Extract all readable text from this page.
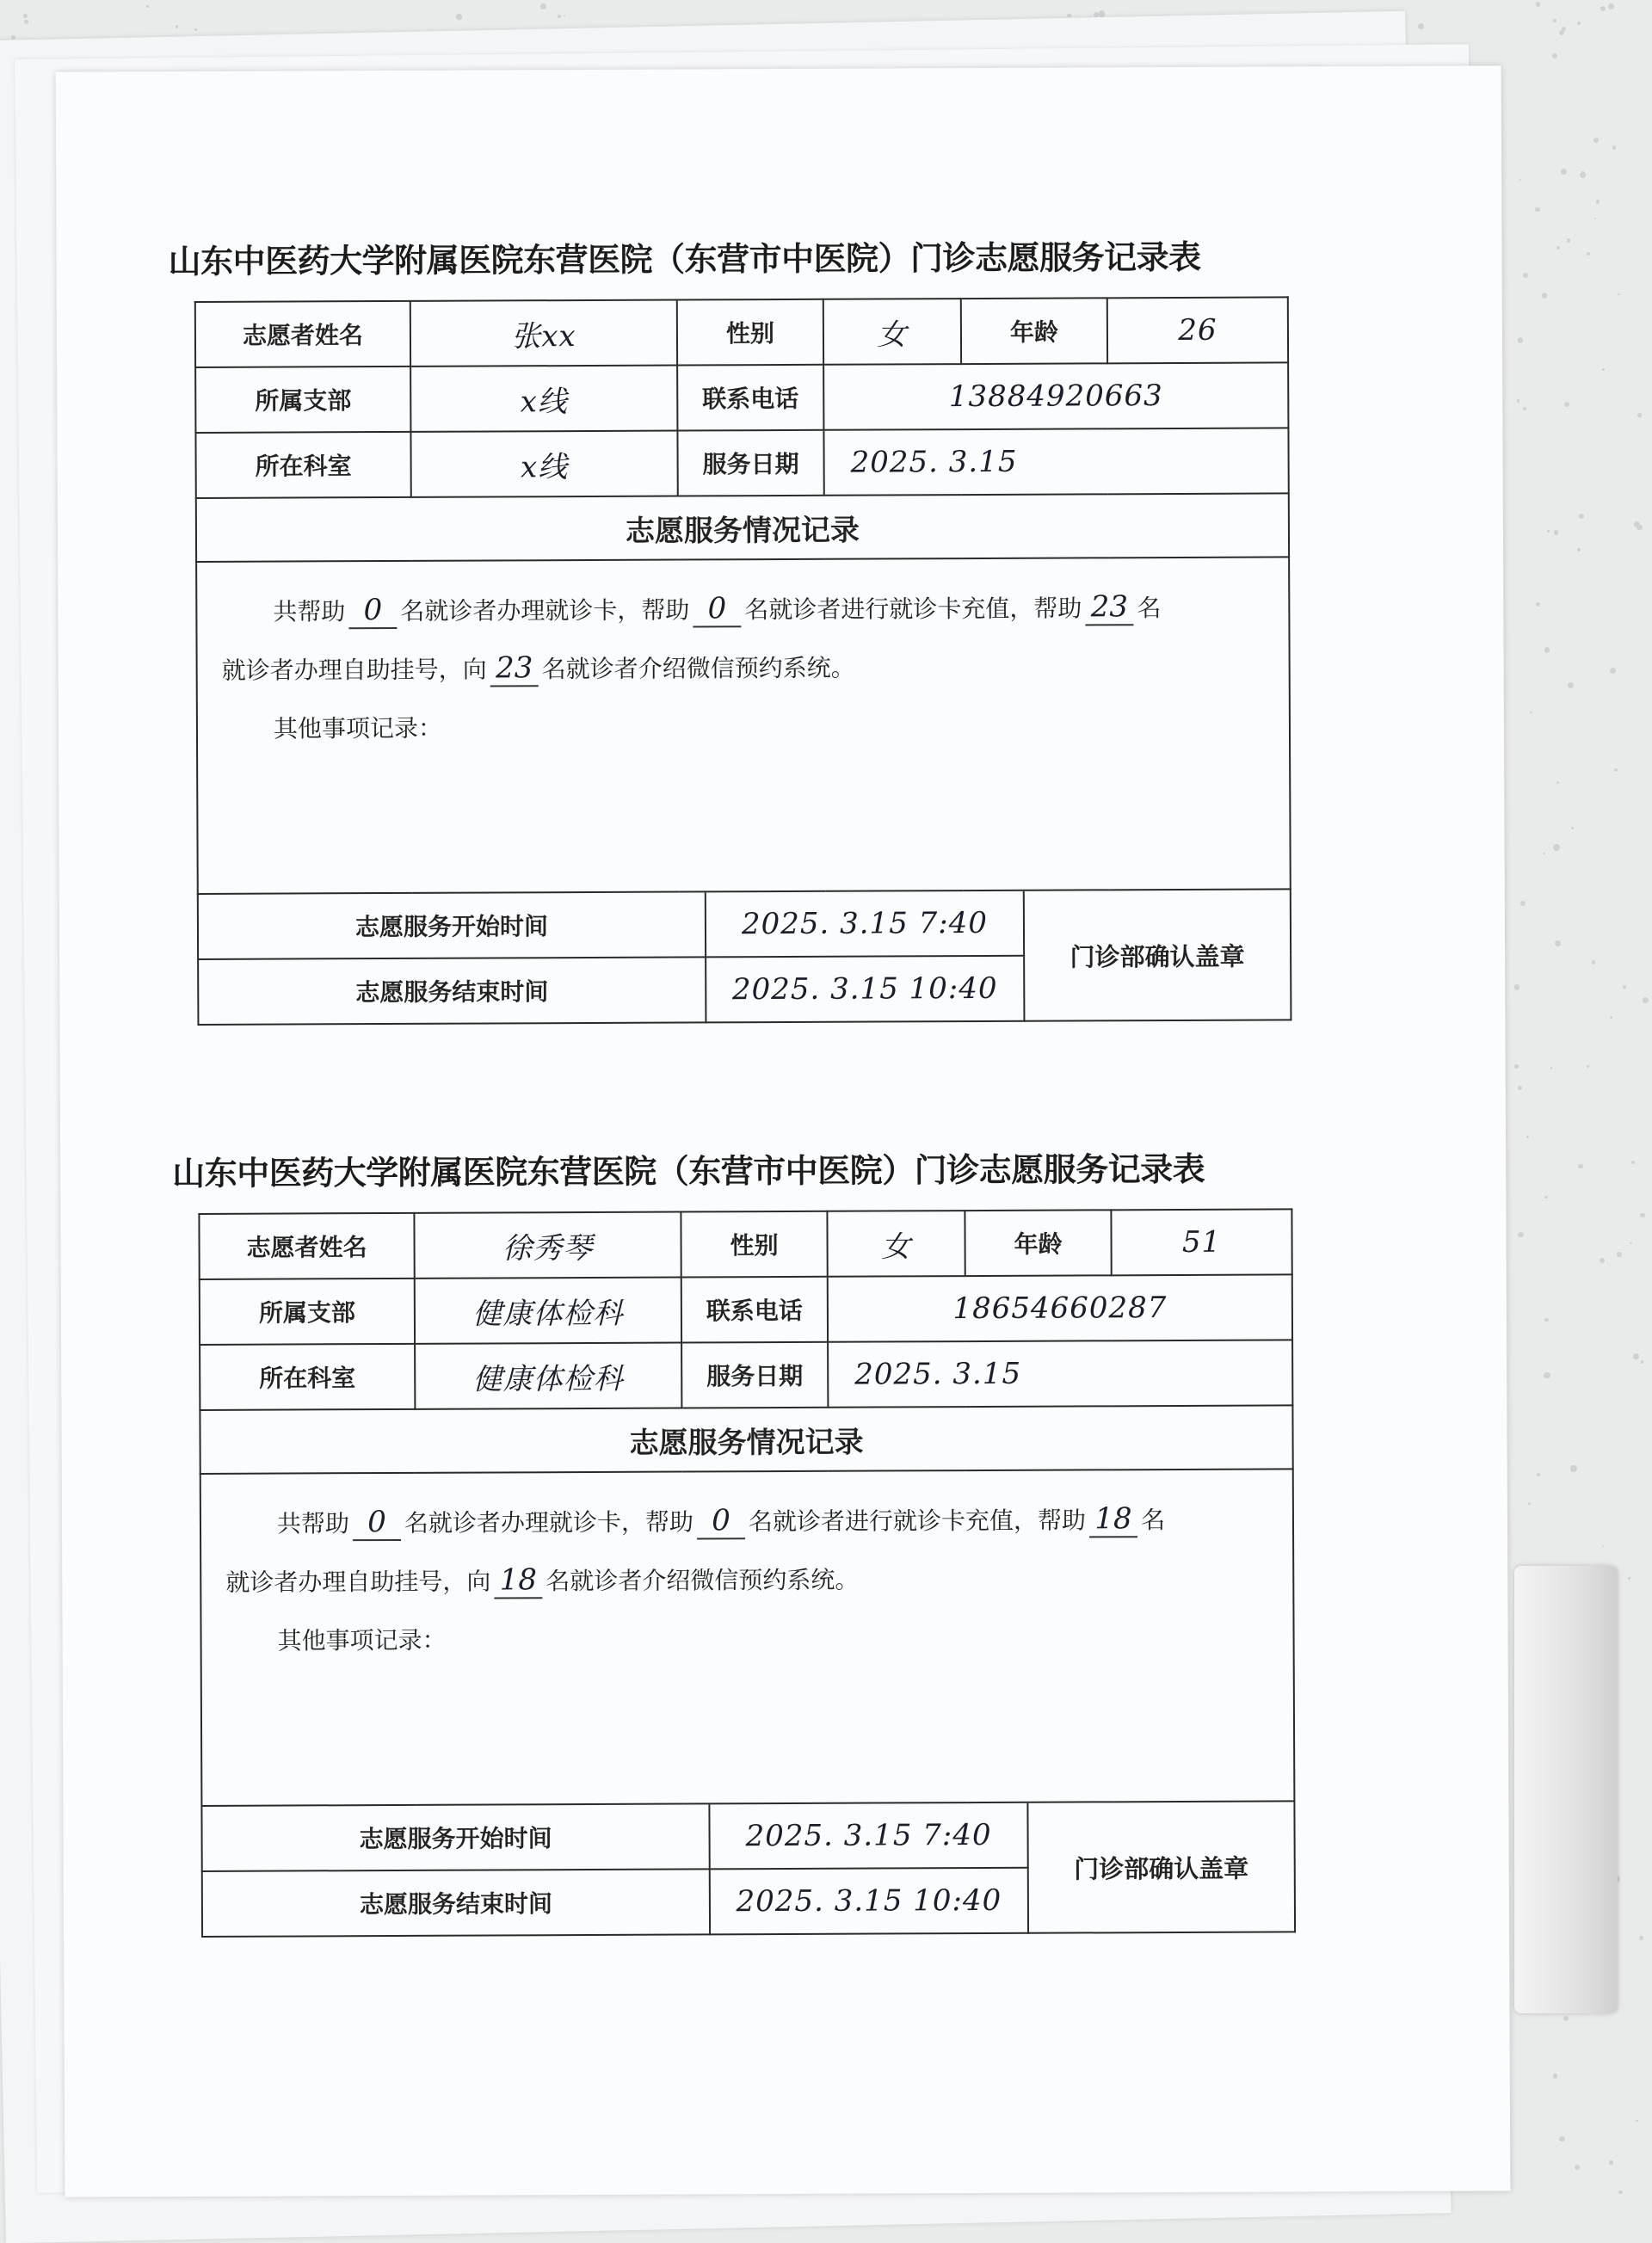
山东中医药大学附属医院东营医院（东营市中医院）门诊志愿服务记录表
志愿者姓名	张xx	性别	女	年龄	26
所属支部	x线	联系电话	13884920663		
所在科室	x线	服务日期	2025. 3.15		
志愿服务情况记录					

共帮助 0 名就诊者办理就诊卡，帮助 0 名就诊者进行就诊卡充值，帮助 23 名
就诊者办理自助挂号，向 23 名就诊者介绍微信预约系统。
其他事项记录：					
志愿服务开始时间	2025. 3.15 7:40	门诊部确认盖章
志愿服务结束时间	2025. 3.15 10:40	
山东中医药大学附属医院东营医院（东营市中医院）门诊志愿服务记录表
志愿者姓名	徐秀琴	性别	女	年龄	51
所属支部	健康体检科	联系电话	18654660287		
所在科室	健康体检科	服务日期	2025. 3.15		
志愿服务情况记录					

共帮助 0 名就诊者办理就诊卡，帮助 0 名就诊者进行就诊卡充值，帮助 18 名
就诊者办理自助挂号，向 18 名就诊者介绍微信预约系统。
其他事项记录：					
志愿服务开始时间	2025. 3.15 7:40	门诊部确认盖章
志愿服务结束时间	2025. 3.15 10:40	
